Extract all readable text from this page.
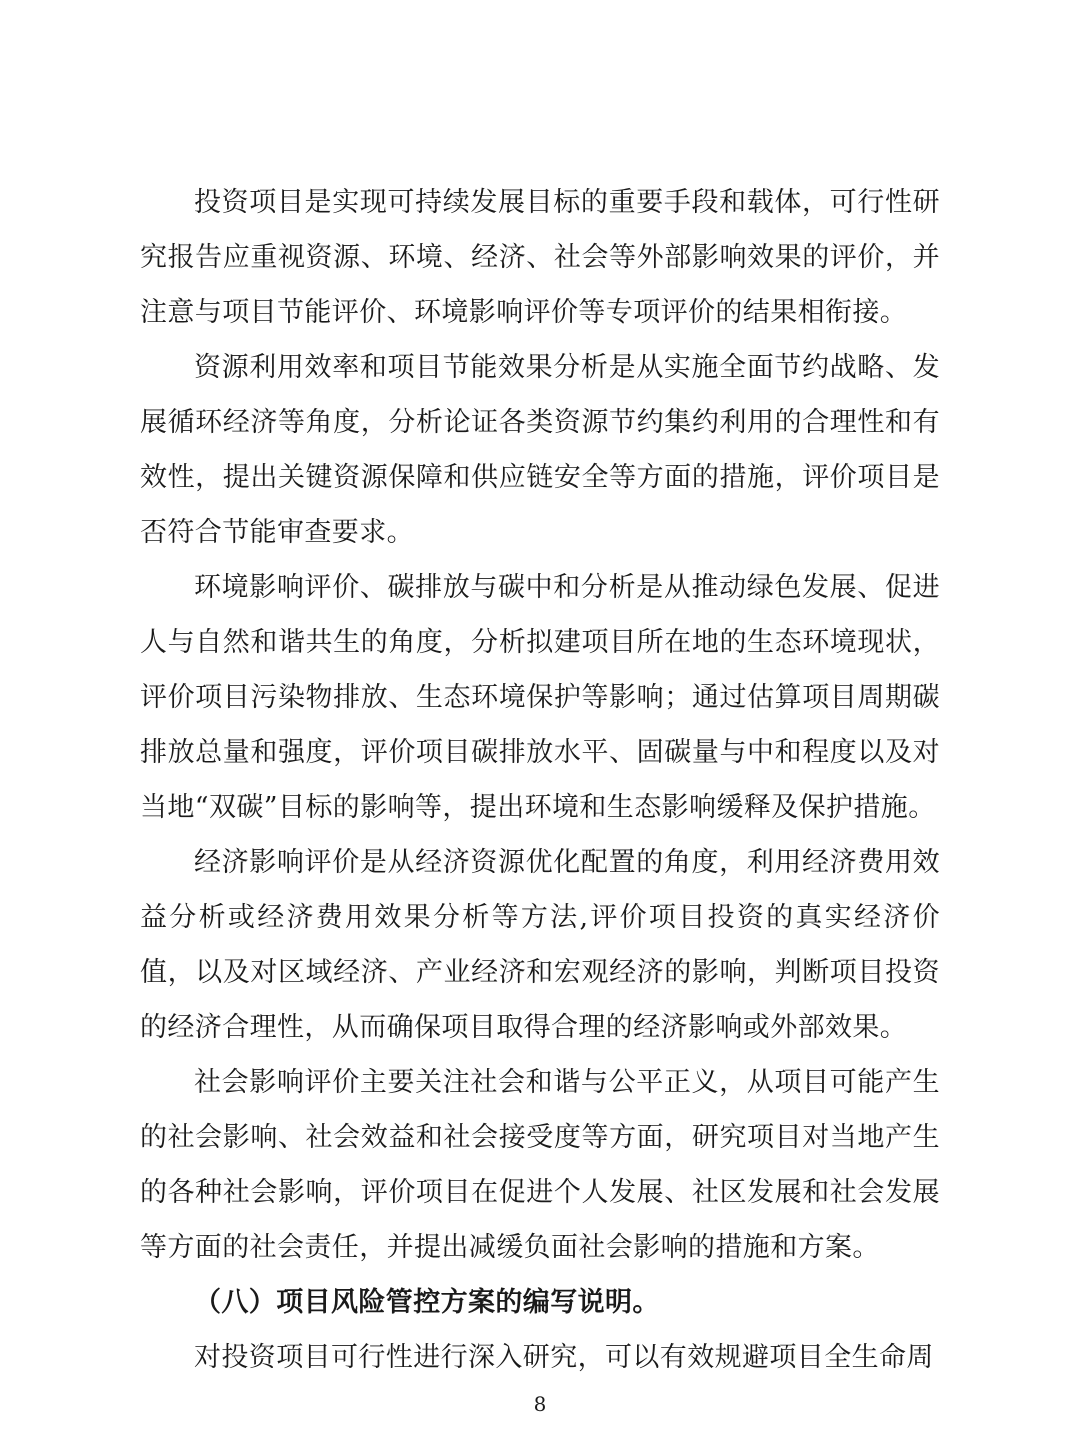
投资项目是实现可持续发展目标的重要手段和载体，可行性研究报告应重视资源、环境、经济、社会等外部影响效果的评价，并注意与项目节能评价、环境影响评价等专项评价的结果相衔接。

资源利用效率和项目节能效果分析是从实施全面节约战略、发展循环经济等角度，分析论证各类资源节约集约利用的合理性和有效性，提出关键资源保障和供应链安全等方面的措施，评价项目是否符合节能审查要求。

环境影响评价、碳排放与碳中和分析是从推动绿色发展、促进人与自然和谐共生的角度，分析拟建项目所在地的生态环境现状，评价项目污染物排放、生态环境保护等影响；通过估算项目周期碳排放总量和强度，评价项目碳排放水平、固碳量与中和程度以及对当地“双碳”目标的影响等，提出环境和生态影响缓释及保护措施。

经济影响评价是从经济资源优化配置的角度，利用经济费用效益分析或经济费用效果分析等方法,评价项目投资的真实经济价值，以及对区域经济、产业经济和宏观经济的影响，判断项目投资的经济合理性，从而确保项目取得合理的经济影响或外部效果。

社会影响评价主要关注社会和谐与公平正义，从项目可能产生的社会影响、社会效益和社会接受度等方面，研究项目对当地产生的各种社会影响，评价项目在促进个人发展、社区发展和社会发展等方面的社会责任，并提出减缓负面社会影响的措施和方案。

（八）项目风险管控方案的编写说明。

对投资项目可行性进行深入研究，可以有效规避项目全生命周

8
